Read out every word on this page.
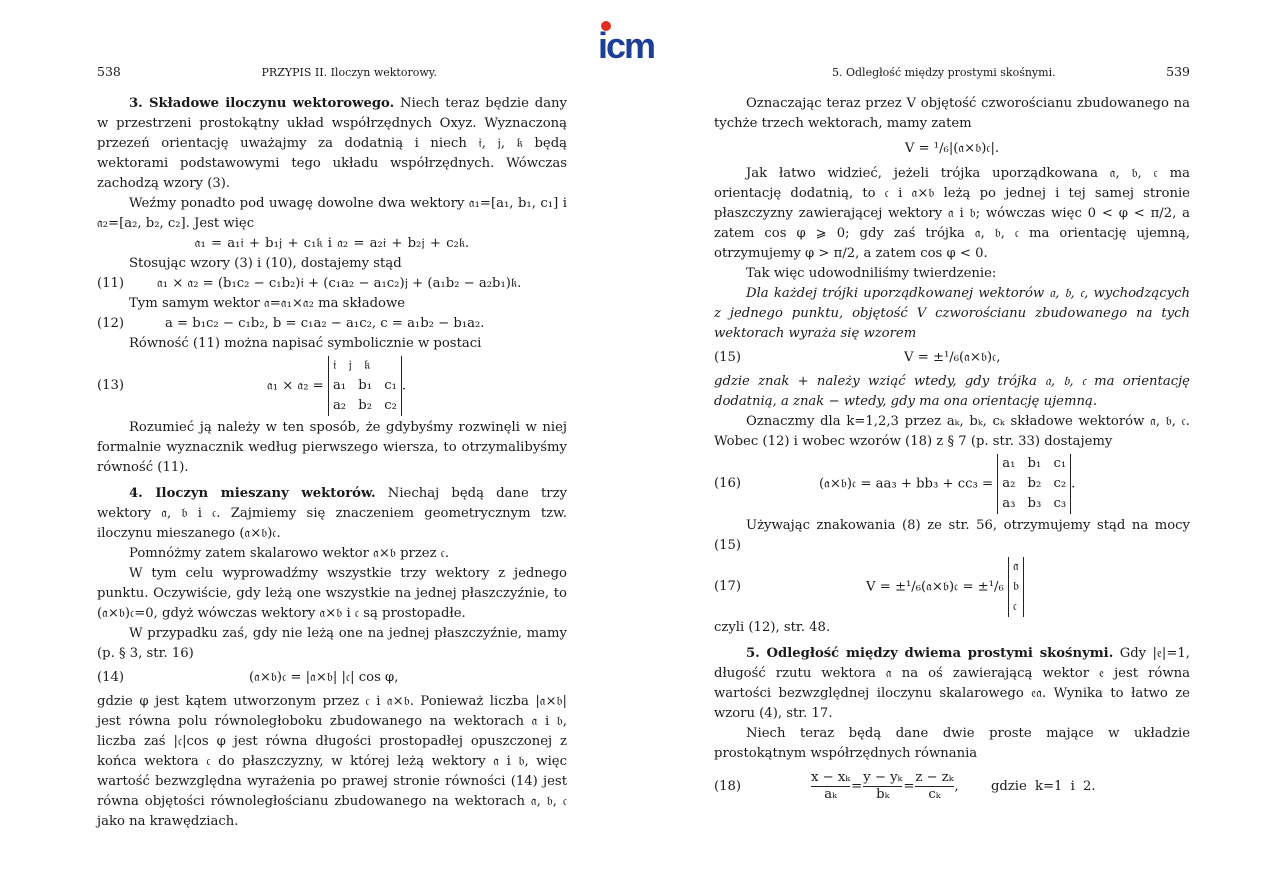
icm
538	PRZYPIS II. Iloczyn wektorowy.

3. Składowe iloczynu wektorowego. Niech teraz będzie dany w przestrzeni prostokątny układ współrzędnych Oxyz. Wyznaczoną przezeń orientację uważajmy za dodatnią i niech 𝔦, 𝔧, 𝔨 będą wektorami podstawowymi tego układu współrzędnych. Wówczas zachodzą wzory (3).

Weźmy ponadto pod uwagę dowolne dwa wektory 𝔞₁=[a₁, b₁, c₁] i 𝔞₂=[a₂, b₂, c₂]. Jest więc

𝔞₁ = a₁𝔦 + b₁𝔧 + c₁𝔨 i 𝔞₂ = a₂𝔦 + b₂𝔧 + c₂𝔨.

Stosując wzory (3) i (10), dostajemy stąd

(11)	𝔞₁ × 𝔞₂ = (b₁c₂ − c₁b₂)𝔦 + (c₁a₂ − a₁c₂)𝔧 + (a₁b₂ − a₂b₁)𝔨.

Tym samym wektor 𝔞=𝔞₁×𝔞₂ ma składowe

(12)	a = b₁c₂ − c₁b₂, b = c₁a₂ − a₁c₂, c = a₁b₂ − b₁a₂.

Równość (11) można napisać symbolicznie w postaci

(13)	𝔞₁ × 𝔞₂ =
𝔦 𝔧 𝔨
a₁ b₁ c₁
a₂ b₂ c₂
.

Rozumieć ją należy w ten sposób, że gdybyśmy rozwinęli w niej formalnie wyznacznik według pierwszego wiersza, to otrzymalibyśmy równość (11).

4. Iloczyn mieszany wektorów. Niechaj będą dane trzy wektory 𝔞, 𝔟 i 𝔠. Zajmiemy się znaczeniem geometrycznym tzw. iloczynu mieszanego (𝔞×𝔟)𝔠.

Pomnóżmy zatem skalarowo wektor 𝔞×𝔟 przez 𝔠.

W tym celu wyprowadźmy wszystkie trzy wektory z jednego punktu. Oczywiście, gdy leżą one wszystkie na jednej płaszczyźnie, to (𝔞×𝔟)𝔠=0, gdyż wówczas wektory 𝔞×𝔟 i 𝔠 są prostopadłe.

W przypadku zaś, gdy nie leżą one na jednej płaszczyźnie, mamy (p. § 3, str. 16)

(14)	(𝔞×𝔟)𝔠 = |𝔞×𝔟| |𝔠| cos φ,

gdzie φ jest kątem utworzonym przez 𝔠 i 𝔞×𝔟. Ponieważ liczba |𝔞×𝔟| jest równa polu równoległoboku zbudowanego na wektorach 𝔞 i 𝔟, liczba zaś |𝔠|cos φ jest równa długości prostopadłej opuszczonej z końca wektora 𝔠 do płaszczyzny, w której leżą wektory 𝔞 i 𝔟, więc wartość bezwzględna wyrażenia po prawej stronie równości (14) jest równa objętości równoległościanu zbudowanego na wektorach 𝔞, 𝔟, 𝔠 jako na krawędziach.

5. Odległość między prostymi skośnymi.	539

Oznaczając teraz przez V objętość czworościanu zbudowanego na tychże trzech wektorach, mamy zatem

V = ¹/₆|(𝔞×𝔟)𝔠|.

Jak łatwo widzieć, jeżeli trójka uporządkowana 𝔞, 𝔟, 𝔠 ma orientację dodatnią, to 𝔠 i 𝔞×𝔟 leżą po jednej i tej samej stronie płaszczyzny zawierającej wektory 𝔞 i 𝔟; wówczas więc 0 < φ < π/2, a zatem cos φ ⩾ 0; gdy zaś trójka 𝔞, 𝔟, 𝔠 ma orientację ujemną, otrzymujemy φ > π/2, a zatem cos φ < 0.

Tak więc udowodniliśmy twierdzenie:

Dla każdej trójki uporządkowanej wektorów 𝔞, 𝔟, 𝔠, wychodzących z jednego punktu, objętość V czworościanu zbudowanego na tych wektorach wyraża się wzorem

(15)	V = ±¹/₆(𝔞×𝔟)𝔠,

gdzie znak + należy wziąć wtedy, gdy trójka 𝔞, 𝔟, 𝔠 ma orientację dodatnią, a znak − wtedy, gdy ma ona orientację ujemną.

Oznaczmy dla k=1,2,3 przez aₖ, bₖ, cₖ składowe wektorów 𝔞, 𝔟, 𝔠. Wobec (12) i wobec wzorów (18) z § 7 (p. str. 33) dostajemy

(16)	(𝔞×𝔟)𝔠 = aa₃ + bb₃ + cc₃ =
a₁ b₁ c₁
a₂ b₂ c₂
a₃ b₃ c₃
.

Używając znakowania (8) ze str. 56, otrzymujemy stąd na mocy (15)

(17)	V = ±¹/₆(𝔞×𝔟)𝔠 = ±¹/₆
𝔞
𝔟
𝔠

czyli (12), str. 48.

5. Odległość między dwiema prostymi skośnymi. Gdy |𝔢|=1, długość rzutu wektora 𝔞 na oś zawierającą wektor 𝔢 jest równa wartości bezwzględnej iloczynu skalarowego 𝔢𝔞. Wynika to łatwo ze wzoru (4), str. 17.

Niech teraz będą dane dwie proste mające w układzie prostokątnym współrzędnych równania

(18)	$\frac{\text{x − xₖ}}{\text{aₖ}} = \frac{\text{y − yₖ}}{\text{bₖ}} = \frac{\text{z − zₖ}}{\text{cₖ}}$ , gdzie k=1 i 2.
